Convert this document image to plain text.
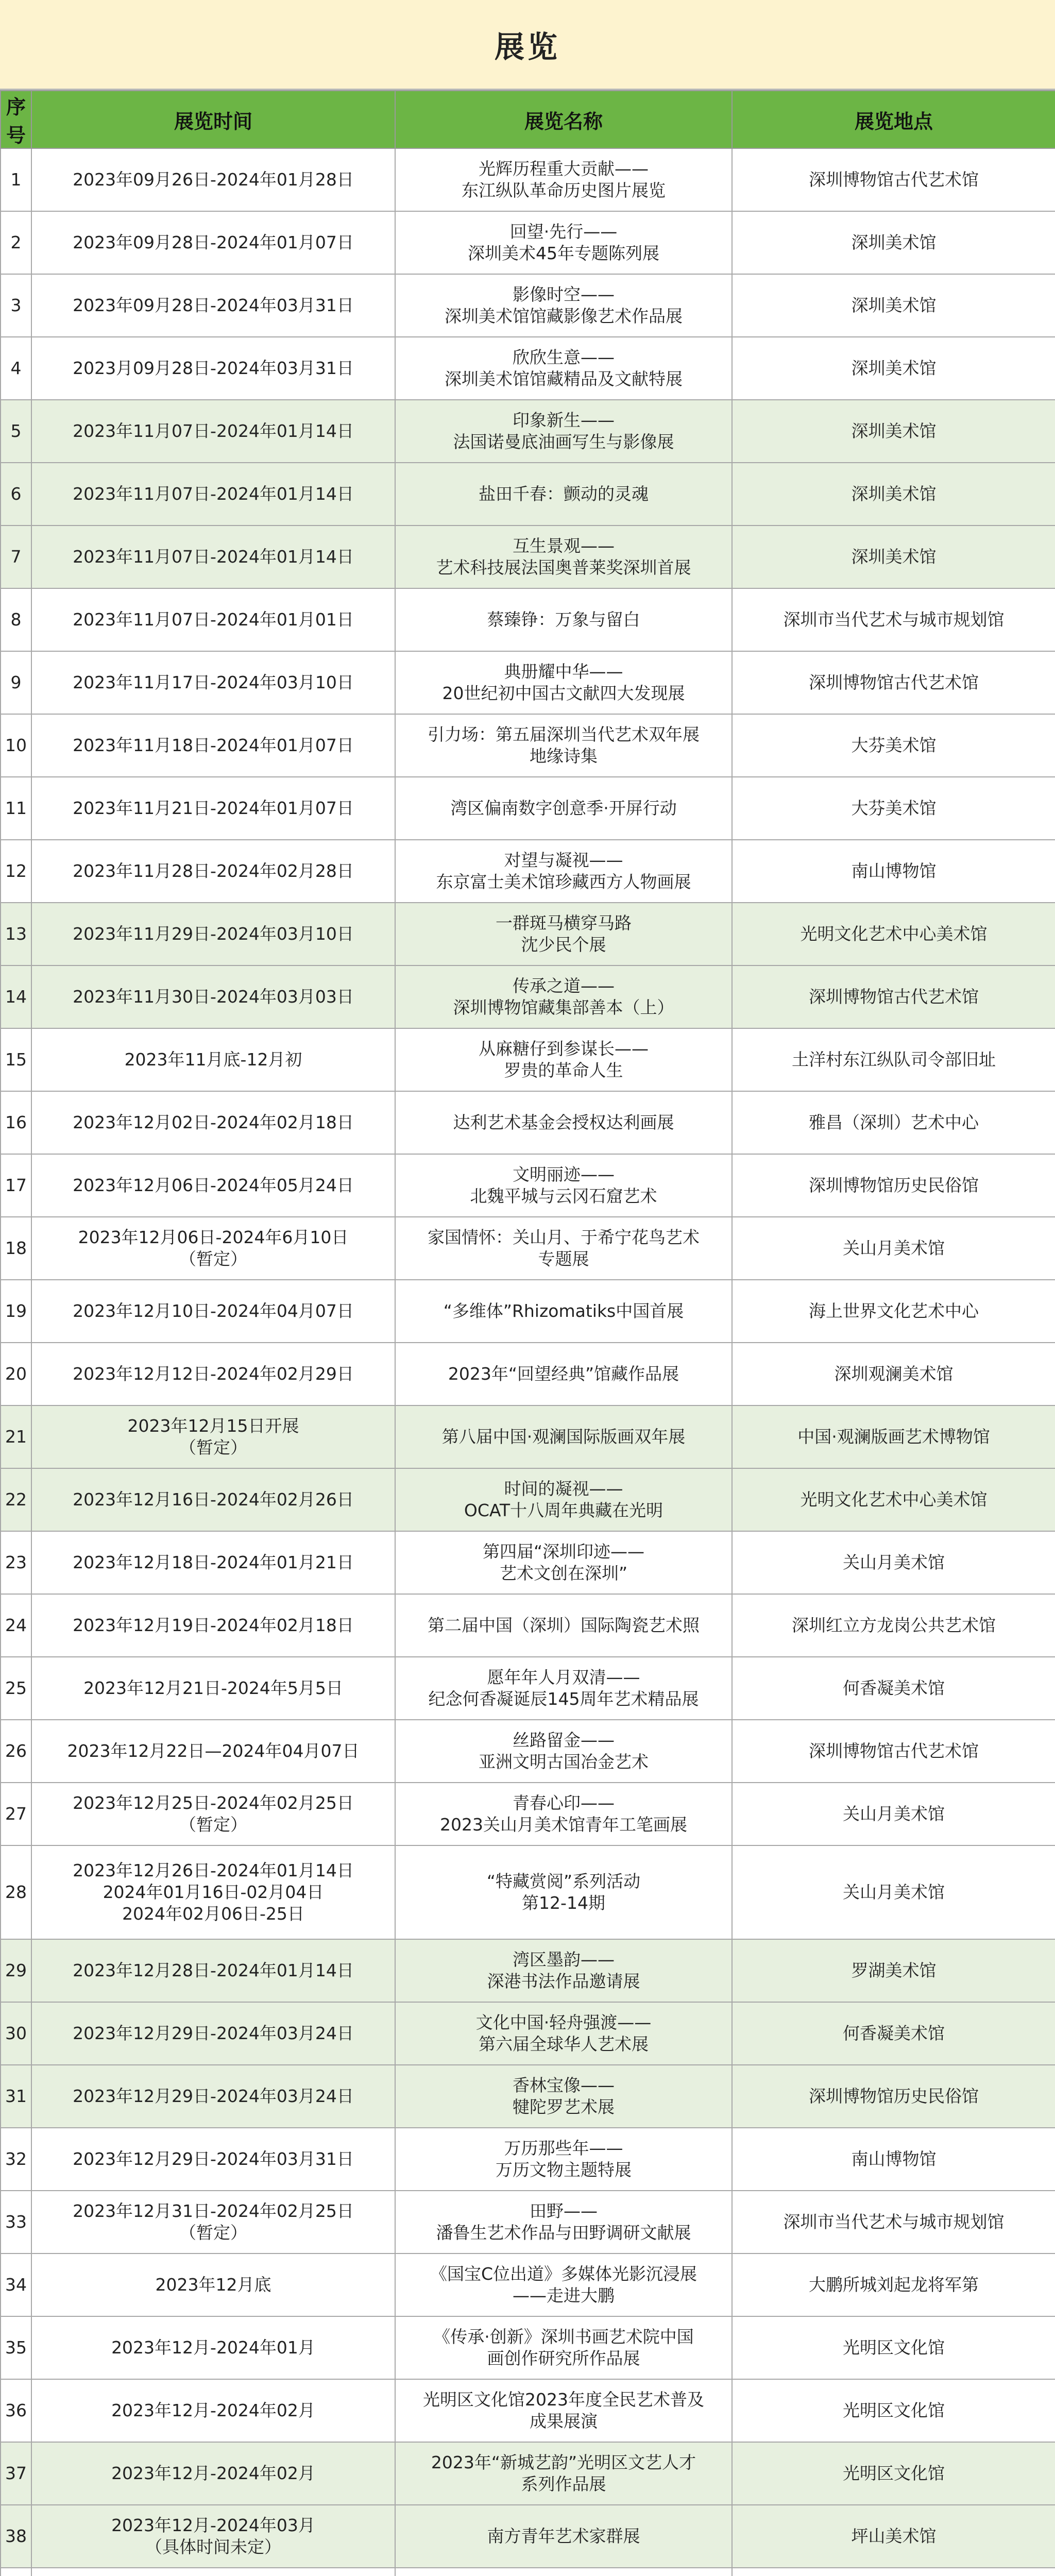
展览
序号	展览时间	展览名称	展览地点
1	2023年09月26日-2024年01月28日	光辉历程重大贡献——
东江纵队革命历史图片展览	深圳博物馆古代艺术馆
2	2023年09月28日-2024年01月07日	回望·先行——
深圳美术45年专题陈列展	深圳美术馆
3	2023年09月28日-2024年03月31日	影像时空——
深圳美术馆馆藏影像艺术作品展	深圳美术馆
4	2023月09月28日-2024年03月31日	欣欣生意——
深圳美术馆馆藏精品及文献特展	深圳美术馆
5	2023年11月07日-2024年01月14日	印象新生——
法国诺曼底油画写生与影像展	深圳美术馆
6	2023年11月07日-2024年01月14日	盐田千春：颤动的灵魂	深圳美术馆
7	2023年11月07日-2024年01月14日	互生景观——
艺术科技展法国奥普莱奖深圳首展	深圳美术馆
8	2023年11月07日-2024年01月01日	蔡臻铮：万象与留白	深圳市当代艺术与城市规划馆
9	2023年11月17日-2024年03月10日	典册耀中华——
20世纪初中国古文献四大发现展	深圳博物馆古代艺术馆
10	2023年11月18日-2024年01月07日	引力场：第五届深圳当代艺术双年展
地缘诗集	大芬美术馆
11	2023年11月21日-2024年01月07日	湾区偏南数字创意季·开屏行动	大芬美术馆
12	2023年11月28日-2024年02月28日	对望与凝视——
东京富士美术馆珍藏西方人物画展	南山博物馆
13	2023年11月29日-2024年03月10日	一群斑马横穿马路
沈少民个展	光明文化艺术中心美术馆
14	2023年11月30日-2024年03月03日	传承之道——
深圳博物馆藏集部善本（上）	深圳博物馆古代艺术馆
15	2023年11月底-12月初	从麻糖仔到参谋长——
罗贵的革命人生	土洋村东江纵队司令部旧址
16	2023年12月02日-2024年02月18日	达利艺术基金会授权达利画展	雅昌（深圳）艺术中心
17	2023年12月06日-2024年05月24日	文明丽迹——
北魏平城与云冈石窟艺术	深圳博物馆历史民俗馆
18	2023年12月06日-2024年6月10日
（暂定）	家国情怀：关山月、于希宁花鸟艺术
专题展	关山月美术馆
19	2023年12月10日-2024年04月07日	“多维体”Rhizomatiks中国首展	海上世界文化艺术中心
20	2023年12月12日-2024年02月29日	2023年“回望经典”馆藏作品展	深圳观澜美术馆
21	2023年12月15日开展
（暂定）	第八届中国·观澜国际版画双年展	中国·观澜版画艺术博物馆
22	2023年12月16日-2024年02月26日	时间的凝视——
OCAT十八周年典藏在光明	光明文化艺术中心美术馆
23	2023年12月18日-2024年01月21日	第四届“深圳印迹——
艺术文创在深圳”	关山月美术馆
24	2023年12月19日-2024年02月18日	第二届中国（深圳）国际陶瓷艺术照	深圳红立方龙岗公共艺术馆
25	2023年12月21日-2024年5月5日	愿年年人月双清——
纪念何香凝诞辰145周年艺术精品展	何香凝美术馆
26	2023年12月22日—2024年04月07日	丝路留金——
亚洲文明古国冶金艺术	深圳博物馆古代艺术馆
27	2023年12月25日-2024年02月25日
（暂定）	青春心印——
2023关山月美术馆青年工笔画展	关山月美术馆
28	2023年12月26日-2024年01月14日
2024年01月16日-02月04日
2024年02月06日-25日	“特藏赏阅”系列活动
第12-14期	关山月美术馆
29	2023年12月28日-2024年01月14日	湾区墨韵——
深港书法作品邀请展	罗湖美术馆
30	2023年12月29日-2024年03月24日	文化中国·轻舟强渡——
第六届全球华人艺术展	何香凝美术馆
31	2023年12月29日-2024年03月24日	香林宝像——
犍陀罗艺术展	深圳博物馆历史民俗馆
32	2023年12月29日-2024年03月31日	万历那些年——
万历文物主题特展	南山博物馆
33	2023年12月31日-2024年02月25日
（暂定）	田野——
潘鲁生艺术作品与田野调研文献展	深圳市当代艺术与城市规划馆
34	2023年12月底	《国宝C位出道》多媒体光影沉浸展
——走进大鹏	大鹏所城刘起龙将军第
35	2023年12月-2024年01月	《传承·创新》深圳书画艺术院中国
画创作研究所作品展	光明区文化馆
36	2023年12月-2024年02月	光明区文化馆2023年度全民艺术普及
成果展演	光明区文化馆
37	2023年12月-2024年02月	2023年“新城艺韵”光明区文艺人才
系列作品展	光明区文化馆
38	2023年12月-2024年03月
（具体时间未定）	南方青年艺术家群展	坪山美术馆
